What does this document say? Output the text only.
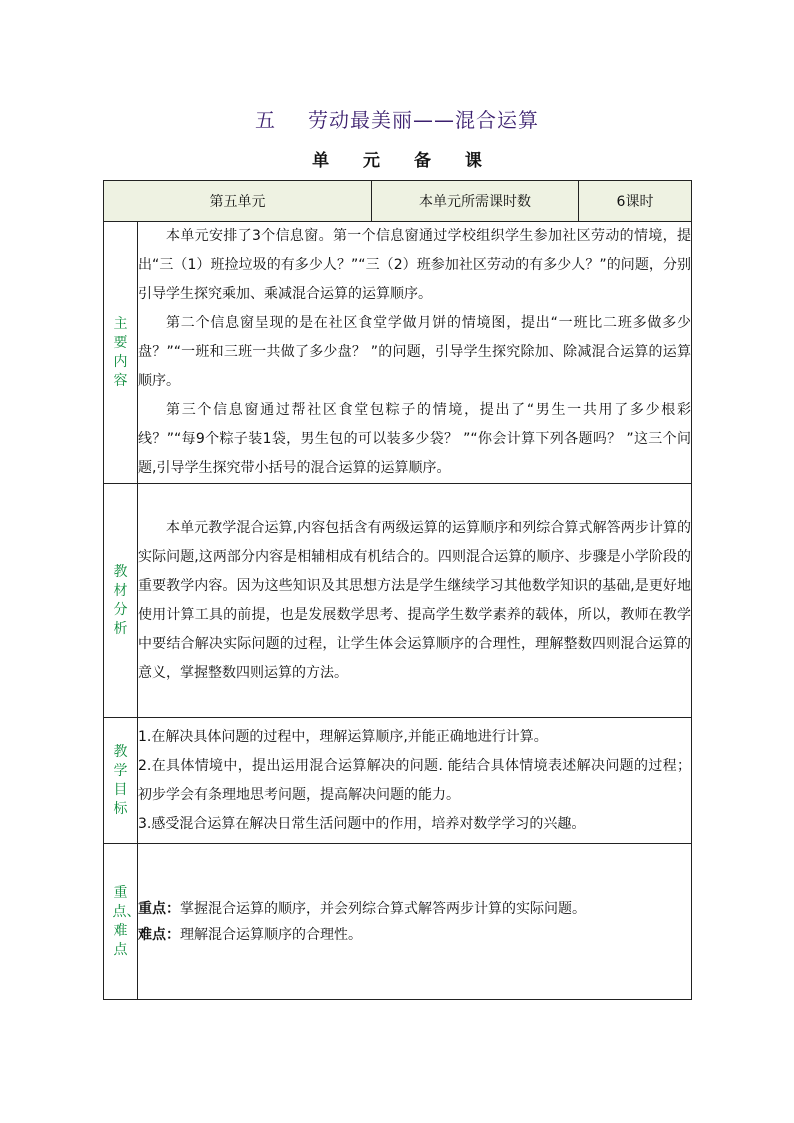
五 劳动最美丽——混合运算
单 元 备 课
第五单元		本单元所需课时数	6课时

主要内容	本单元安排了3个信息窗。第一个信息窗通过学校组织学生参加社区劳动的情境，提出“三（1）班捡垃圾的有多少人？”“三（2）班参加社区劳动的有多少人？”的问题，分别引导学生探究乘加、乘减混合运算的运算顺序。

第二个信息窗呈现的是在社区食堂学做月饼的情境图，提出“一班比二班多做多少盘？”“一班和三班一共做了多少盘？ ”的问题，引导学生探究除加、除减混合运算的运算顺序。

第三个信息窗通过帮社区食堂包粽子的情境，提出了“男生一共用了多少根彩线？”“每9个粽子装1袋，男生包的可以装多少袋？ ”“你会计算下列各题吗？ ”这三个问题,引导学生探究带小括号的混合运算的运算顺序。		

教材分析	本单元教学混合运算,内容包括含有两级运算的运算顺序和列综合算式解答两步计算的实际问题,这两部分内容是相辅相成有机结合的。四则混合运算的顺序、步骤是小学阶段的重要教学内容。因为这些知识及其思想方法是学生继续学习其他数学知识的基础,是更好地使用计算工具的前提，也是发展数学思考、提高学生数学素养的载体，所以，教师在教学中要结合解决实际问题的过程，让学生体会运算顺序的合理性，理解整数四则混合运算的意义，掌握整数四则运算的方法。		

教学目标	1.在解决具体问题的过程中，理解运算顺序,并能正确地进行计算。

2.在具体情境中，提出运用混合运算解决的问题. 能结合具体情境表述解决问题的过程；初步学会有条理地思考问题，提高解决问题的能力。

3.感受混合运算在解决日常生活问题中的作用，培养对数学学习的兴趣。		

重点、难点	重点：掌握混合运算的顺序，并会列综合算式解答两步计算的实际问题。

难点：理解混合运算顺序的合理性。		
